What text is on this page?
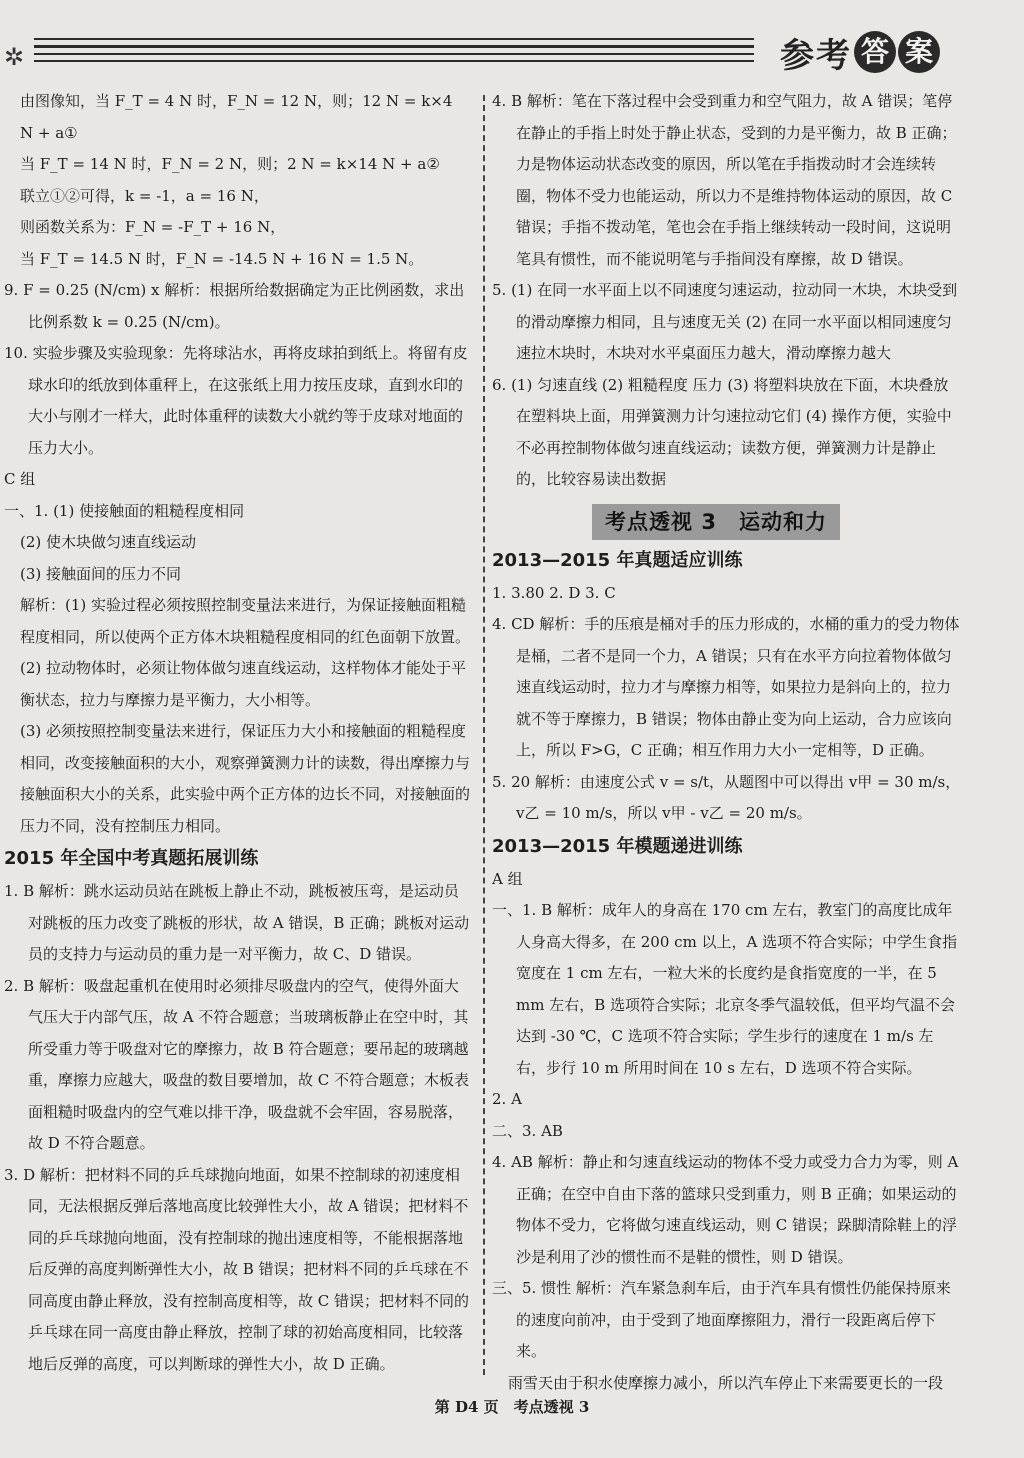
✲	参考 答 案

由图像知，当 F_T = 4 N 时，F_N = 12 N，则；12 N = k×4 N + a①

当 F_T = 14 N 时，F_N = 2 N，则；2 N = k×14 N + a②

联立①②可得，k = -1，a = 16 N，

则函数关系为：F_N = -F_T + 16 N，

当 F_T = 14.5 N 时，F_N = -14.5 N + 16 N = 1.5 N。

9. F = 0.25 (N/cm) x 解析：根据所给数据确定为正比例函数，求出比例系数 k = 0.25 (N/cm)。

10. 实验步骤及实验现象：先将球沾水，再将皮球拍到纸上。将留有皮球水印的纸放到体重秤上，在这张纸上用力按压皮球，直到水印的大小与刚才一样大，此时体重秤的读数大小就约等于皮球对地面的压力大小。

C 组

一、1. (1) 使接触面的粗糙程度相同

(2) 使木块做匀速直线运动

(3) 接触面间的压力不同

解析：(1) 实验过程必须按照控制变量法来进行，为保证接触面粗糙程度相同，所以使两个正方体木块粗糙程度相同的红色面朝下放置。

(2) 拉动物体时，必须让物体做匀速直线运动，这样物体才能处于平衡状态，拉力与摩擦力是平衡力，大小相等。

(3) 必须按照控制变量法来进行，保证压力大小和接触面的粗糙程度相同，改变接触面积的大小，观察弹簧测力计的读数，得出摩擦力与接触面积大小的关系，此实验中两个正方体的边长不同，对接触面的压力不同，没有控制压力相同。

2015 年全国中考真题拓展训练

1. B 解析：跳水运动员站在跳板上静止不动，跳板被压弯，是运动员对跳板的压力改变了跳板的形状，故 A 错误，B 正确；跳板对运动员的支持力与运动员的重力是一对平衡力，故 C、D 错误。

2. B 解析：吸盘起重机在使用时必须排尽吸盘内的空气，使得外面大气压大于内部气压，故 A 不符合题意；当玻璃板静止在空中时，其所受重力等于吸盘对它的摩擦力，故 B 符合题意；要吊起的玻璃越重，摩擦力应越大，吸盘的数目要增加，故 C 不符合题意；木板表面粗糙时吸盘内的空气难以排干净，吸盘就不会牢固，容易脱落，故 D 不符合题意。

3. D 解析：把材料不同的乒乓球抛向地面，如果不控制球的初速度相同，无法根据反弹后落地高度比较弹性大小，故 A 错误；把材料不同的乒乓球抛向地面，没有控制球的抛出速度相等，不能根据落地后反弹的高度判断弹性大小，故 B 错误；把材料不同的乒乓球在不同高度由静止释放，没有控制高度相等，故 C 错误；把材料不同的乒乓球在同一高度由静止释放，控制了球的初始高度相同，比较落地后反弹的高度，可以判断球的弹性大小，故 D 正确。

4. B 解析：笔在下落过程中会受到重力和空气阻力，故 A 错误；笔停在静止的手指上时处于静止状态，受到的力是平衡力，故 B 正确；力是物体运动状态改变的原因，所以笔在手指拨动时才会连续转圈，物体不受力也能运动，所以力不是维持物体运动的原因，故 C 错误；手指不拨动笔，笔也会在手指上继续转动一段时间，这说明笔具有惯性，而不能说明笔与手指间没有摩擦，故 D 错误。

5. (1) 在同一水平面上以不同速度匀速运动，拉动同一木块，木块受到的滑动摩擦力相同，且与速度无关 (2) 在同一水平面以相同速度匀速拉木块时，木块对水平桌面压力越大，滑动摩擦力越大

6. (1) 匀速直线 (2) 粗糙程度 压力 (3) 将塑料块放在下面，木块叠放在塑料块上面，用弹簧测力计匀速拉动它们 (4) 操作方便，实验中不必再控制物体做匀速直线运动；读数方便，弹簧测力计是静止的，比较容易读出数据

考点透视 3　运动和力

2013—2015 年真题适应训练

1. 3.80 2. D 3. C

4. CD 解析：手的压痕是桶对手的压力形成的，水桶的重力的受力物体是桶，二者不是同一个力，A 错误；只有在水平方向拉着物体做匀速直线运动时，拉力才与摩擦力相等，如果拉力是斜向上的，拉力就不等于摩擦力，B 错误；物体由静止变为向上运动，合力应该向上，所以 F>G，C 正确；相互作用力大小一定相等，D 正确。

5. 20 解析：由速度公式 v = s/t，从题图中可以得出 v甲 = 30 m/s，v乙 = 10 m/s，所以 v甲 - v乙 = 20 m/s。

2013—2015 年模题递进训练

A 组

一、1. B 解析：成年人的身高在 170 cm 左右，教室门的高度比成年人身高大得多，在 200 cm 以上，A 选项不符合实际；中学生食指宽度在 1 cm 左右，一粒大米的长度约是食指宽度的一半，在 5 mm 左右，B 选项符合实际；北京冬季气温较低，但平均气温不会达到 -30 ℃，C 选项不符合实际；学生步行的速度在 1 m/s 左右，步行 10 m 所用时间在 10 s 左右，D 选项不符合实际。

2. A

二、3. AB

4. AB 解析：静止和匀速直线运动的物体不受力或受力合力为零，则 A 正确；在空中自由下落的篮球只受到重力，则 B 正确；如果运动的物体不受力，它将做匀速直线运动，则 C 错误；跺脚清除鞋上的浮沙是利用了沙的惯性而不是鞋的惯性，则 D 错误。

三、5. 惯性 解析：汽车紧急刹车后，由于汽车具有惯性仍能保持原来的速度向前冲，由于受到了地面摩擦阻力，滑行一段距离后停下来。

雨雪天由于积水使摩擦力减小，所以汽车停止下来需要更长的一段

第 D4 页　考点透视 3
